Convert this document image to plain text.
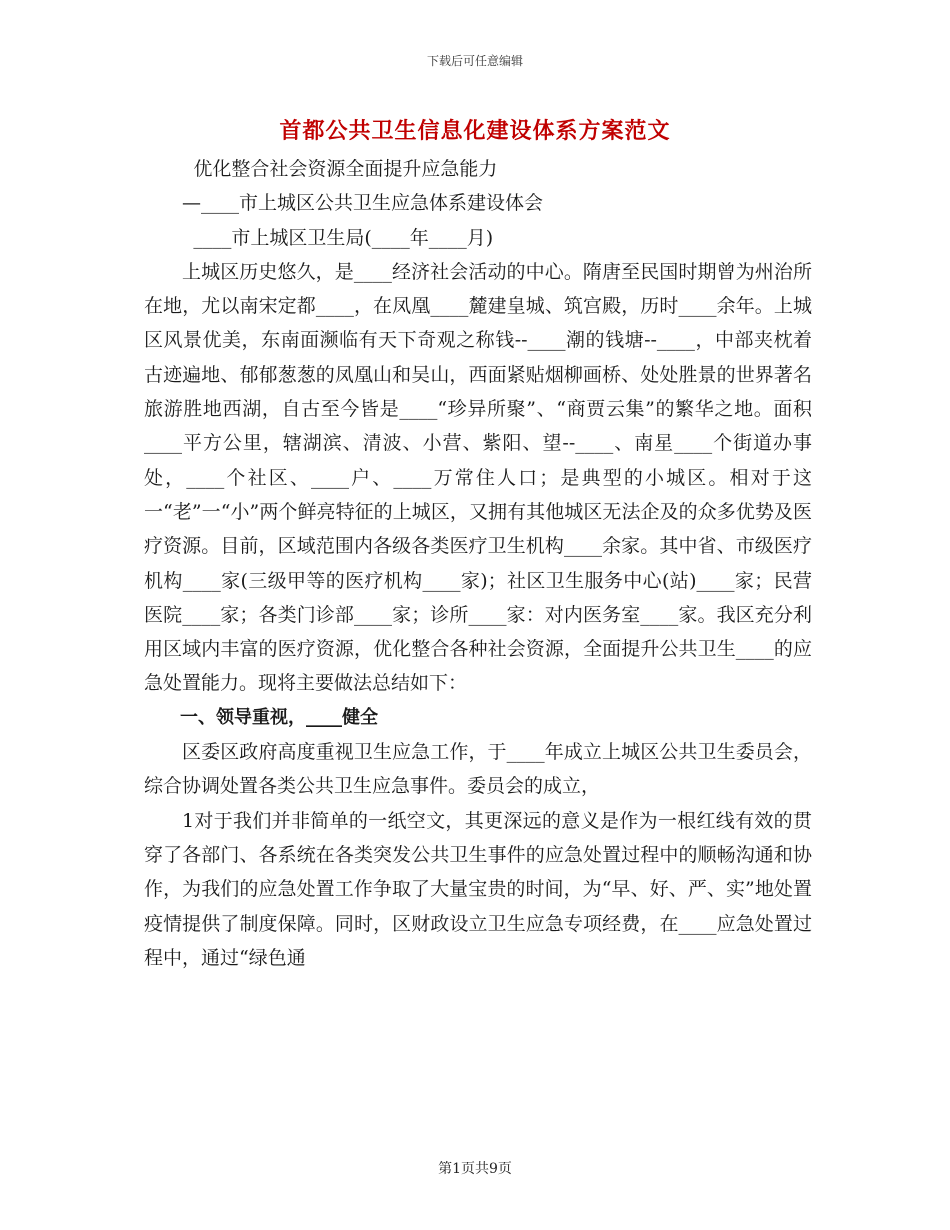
下载后可任意编辑
首都公共卫生信息化建设体系方案范文

优化整合社会资源全面提升应急能力

—____市上城区公共卫生应急体系建设体会

____市上城区卫生局(____年____月)

上城区历史悠久，是____经济社会活动的中心。隋唐至民国时期曾为州治所在地，尤以南宋定都____，在凤凰____麓建皇城、筑宫殿，历时____余年。上城区风景优美，东南面濒临有天下奇观之称钱--____潮的钱塘--____，中部夹枕着古迹遍地、郁郁葱葱的凤凰山和吴山，西面紧贴烟柳画桥、处处胜景的世界著名旅游胜地西湖，自古至今皆是____“珍异所聚”、“商贾云集”的繁华之地。面积____平方公里，辖湖滨、清波、小营、紫阳、望--____、南星____个街道办事处，____个社区、____户、____万常住人口；是典型的小城区。相对于这一“老”一“小”两个鲜亮特征的上城区，又拥有其他城区无法企及的众多优势及医疗资源。目前，区域范围内各级各类医疗卫生机构____余家。其中省、市级医疗机构____家(三级甲等的医疗机构____家)；社区卫生服务中心(站)____家；民营医院____家；各类门诊部____家；诊所____家：对内医务室____家。我区充分利用区域内丰富的医疗资源，优化整合各种社会资源，全面提升公共卫生____的应急处置能力。现将主要做法总结如下：

一、领导重视，____健全

区委区政府高度重视卫生应急工作，于____年成立上城区公共卫生委员会，综合协调处置各类公共卫生应急事件。委员会的成立，

1对于我们并非简单的一纸空文，其更深远的意义是作为一根红线有效的贯穿了各部门、各系统在各类突发公共卫生事件的应急处置过程中的顺畅沟通和协作，为我们的应急处置工作争取了大量宝贵的时间，为“早、好、严、实”地处置疫情提供了制度保障。同时，区财政设立卫生应急专项经费，在____应急处置过程中，通过“绿色通

第1页共9页
